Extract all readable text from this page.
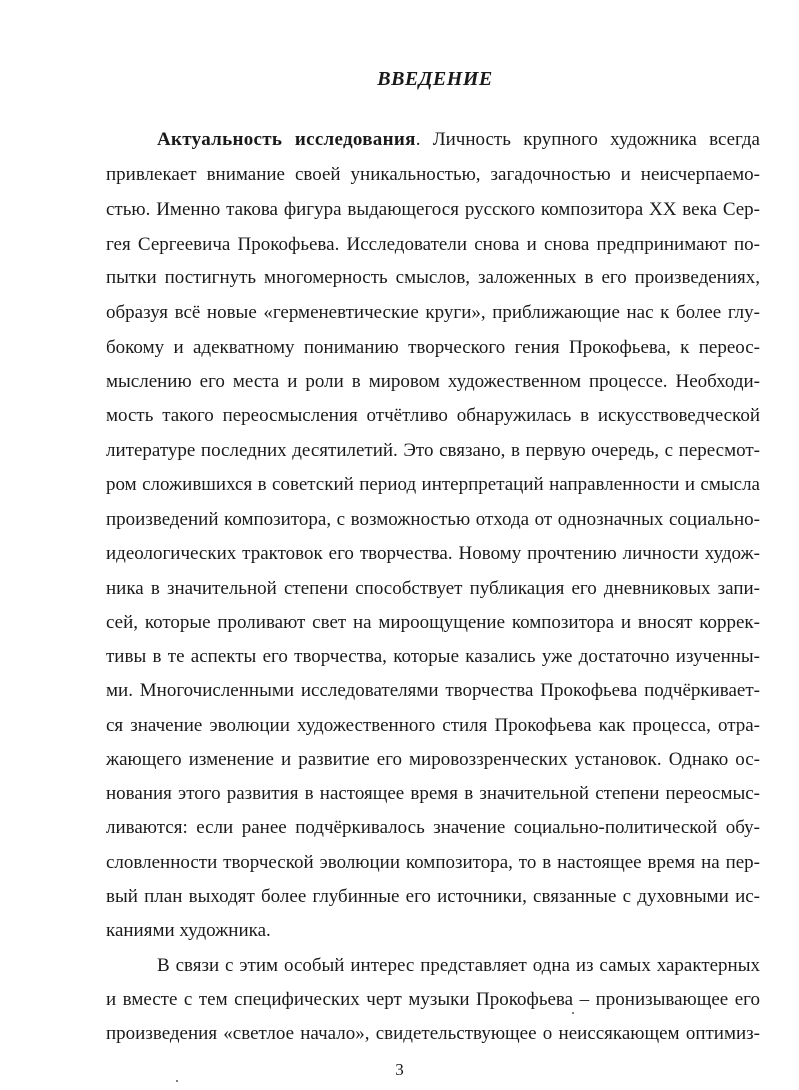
ВВЕДЕНИЕ
Актуальность исследования. Личность крупного художника всегда
привлекает внимание своей уникальностью, загадочностью и неисчерпаемо-
стью. Именно такова фигура выдающегося русского композитора XX века Сер-
гея Сергеевича Прокофьева. Исследователи снова и снова предпринимают по-
пытки постигнуть многомерность смыслов, заложенных в его произведениях,
образуя всё новые «герменевтические круги», приближающие нас к более глу-
бокому и адекватному пониманию творческого гения Прокофьева, к переос-
мыслению его места и роли в мировом художественном процессе. Необходи-
мость такого переосмысления отчётливо обнаружилась в искусствоведческой
литературе последних десятилетий. Это связано, в первую очередь, с пересмот-
ром сложившихся в советский период интерпретаций направленности и смысла
произведений композитора, с возможностью отхода от однозначных социально-
идеологических трактовок его творчества. Новому прочтению личности худож-
ника в значительной степени способствует публикация его дневниковых запи-
сей, которые проливают свет на мироощущение композитора и вносят коррек-
тивы в те аспекты его творчества, которые казались уже достаточно изученны-
ми. Многочисленными исследователями творчества Прокофьева подчёркивает-
ся значение эволюции художественного стиля Прокофьева как процесса, отра-
жающего изменение и развитие его мировоззренческих установок. Однако ос-
нования этого развития в настоящее время в значительной степени переосмыс-
ливаются: если ранее подчёркивалось значение социально-политической обу-
словленности творческой эволюции композитора, то в настоящее время на пер-
вый план выходят более глубинные его источники, связанные с духовными ис-
каниями художника.
В связи с этим особый интерес представляет одна из самых характерных
и вместе с тем специфических черт музыки Прокофьева – пронизывающее его
произведения «светлое начало», свидетельствующее о неиссякающем оптимиз-
3
